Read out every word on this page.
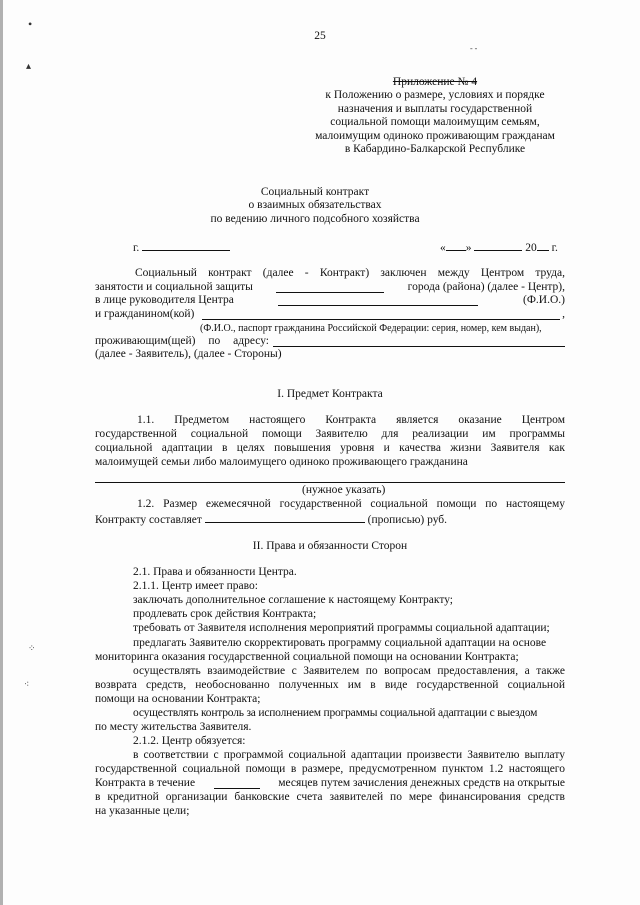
25
Приложение № 4
к Положению о размере, условиях и порядке
назначения и выплаты государственной
социальной помощи малоимущим семьям,
малоимущим одиноко проживающим гражданам
в Кабардино-Балкарской Республике
Социальный контракт
о взаимных обязательствах
по ведению личного подсобного хозяйства
г.	« »	20 г.
Социальный контракт (далее - Контракт) заключен между Центром труда,
занятости и социальной защиты	города (района) (далее - Центр),
в лице руководителя Центра	(Ф.И.О.)
и гражданином(кой)	,
(Ф.И.О., паспорт гражданина Российской Федерации: серия, номер, кем выдан),
проживающим(щей) по адресу:
(далее - Заявитель), (далее - Стороны)
I. Предмет Контракта
1.1. Предметом настоящего Контракта является оказание Центром
государственной социальной помощи Заявителю для реализации им программы
социальной адаптации в целях повышения уровня и качества жизни Заявителя как
малоимущей семьи либо малоимущего одиноко проживающего гражданина
(нужное указать)
1.2. Размер ежемесячной государственной социальной помощи по настоящему
Контракту составляет	(прописью) руб.
II. Права и обязанности Сторон
2.1. Права и обязанности Центра.
2.1.1. Центр имеет право:
заключать дополнительное соглашение к настоящему Контракту;
продлевать срок действия Контракта;
требовать от Заявителя исполнения мероприятий программы социальной адаптации;
предлагать Заявителю скорректировать программу социальной адаптации на основе
мониторинга оказания государственной социальной помощи на основании Контракта;
осуществлять взаимодействие с Заявителем по вопросам предоставления, а также
возврата средств, необоснованно полученных им в виде государственной социальной
помощи на основании Контракта;
осуществлять контроль за исполнением программы социальной адаптации с выездом
по месту жительства Заявителя.
2.1.2. Центр обязуется:
в соответствии с программой социальной адаптации произвести Заявителю выплату
государственной социальной помощи в размере, предусмотренном пунктом 1.2 настоящего
Контракта в течение	месяцев путем зачисления денежных средств на открытые
в кредитной организации банковские счета заявителей по мере финансирования средств
на указанные цели;
•
▴
⁘
⁖
- -
